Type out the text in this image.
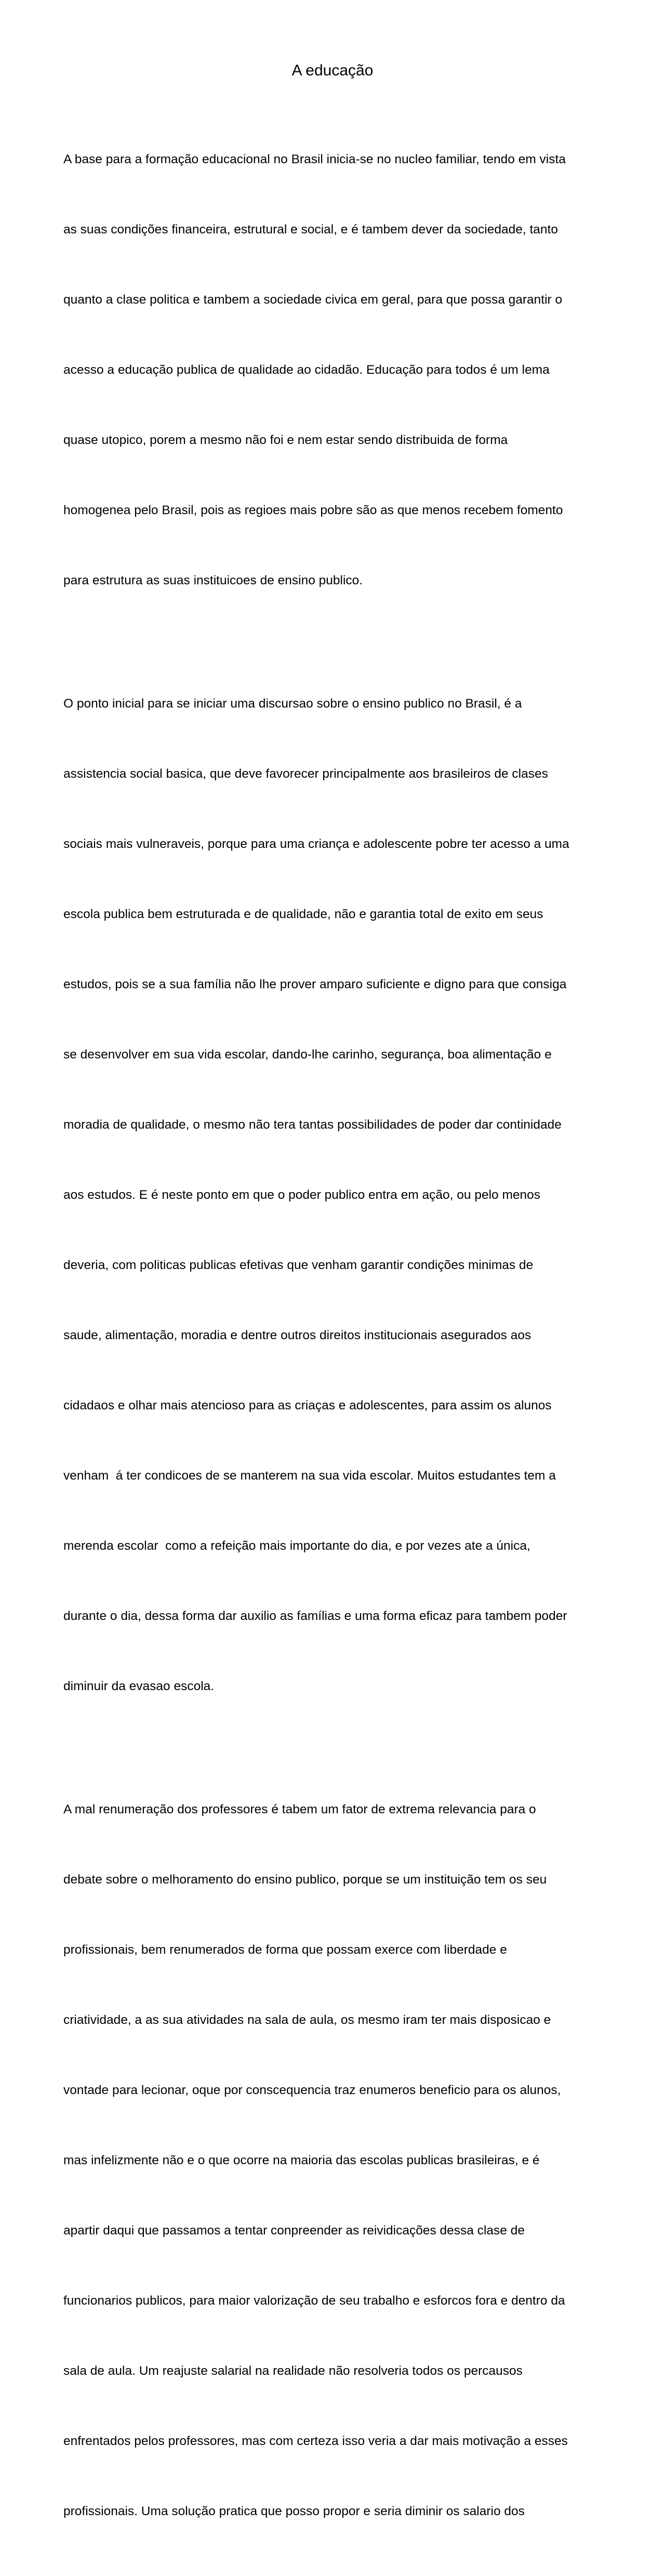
A educação

A base para a formação educacional no Brasil inicia-se no nucleo familiar, tendo em vista

as suas condições financeira, estrutural e social, e é tambem dever da sociedade, tanto

quanto a clase politica e tambem a sociedade civica em geral, para que possa garantir o

acesso a educação publica de qualidade ao cidadão. Educação para todos é um lema

quase utopico, porem a mesmo não foi e nem estar sendo distribuida de forma

homogenea pelo Brasil, pois as regioes mais pobre são as que menos recebem fomento

para estrutura as suas instituicoes de ensino publico.

O ponto inicial para se iniciar uma discursao sobre o ensino publico no Brasil, é a

assistencia social basica, que deve favorecer principalmente aos brasileiros de clases

sociais mais vulneraveis, porque para uma criança e adolescente pobre ter acesso a uma

escola publica bem estruturada e de qualidade, não e garantia total de exito em seus

estudos, pois se a sua família não lhe prover amparo suficiente e digno para que consiga

se desenvolver em sua vida escolar, dando-lhe carinho, segurança, boa alimentação e

moradia de qualidade, o mesmo não tera tantas possibilidades de poder dar continidade

aos estudos. E é neste ponto em que o poder publico entra em ação, ou pelo menos

deveria, com politicas publicas efetivas que venham garantir condições minimas de

saude, alimentação, moradia e dentre outros direitos institucionais asegurados aos

cidadaos e olhar mais atencioso para as criaças e adolescentes, para assim os alunos

venham  á ter condicoes de se manterem na sua vida escolar. Muitos estudantes tem a

merenda escolar  como a refeição mais importante do dia, e por vezes ate a única,

durante o dia, dessa forma dar auxilio as famílias e uma forma eficaz para tambem poder

diminuir da evasao escola.

A mal renumeração dos professores é tabem um fator de extrema relevancia para o

debate sobre o melhoramento do ensino publico, porque se um instituição tem os seu

profissionais, bem renumerados de forma que possam exerce com liberdade e

criatividade, a as sua atividades na sala de aula, os mesmo iram ter mais disposicao e

vontade para lecionar, oque por conscequencia traz enumeros beneficio para os alunos,

mas infelizmente não e o que ocorre na maioria das escolas publicas brasileiras, e é

apartir daqui que passamos a tentar conpreender as reividicações dessa clase de

funcionarios publicos, para maior valorização de seu trabalho e esforcos fora e dentro da

sala de aula. Um reajuste salarial na realidade não resolveria todos os percausos

enfrentados pelos professores, mas com certeza isso veria a dar mais motivação a esses

profissionais. Uma solução pratica que posso propor e seria diminir os salario dos
